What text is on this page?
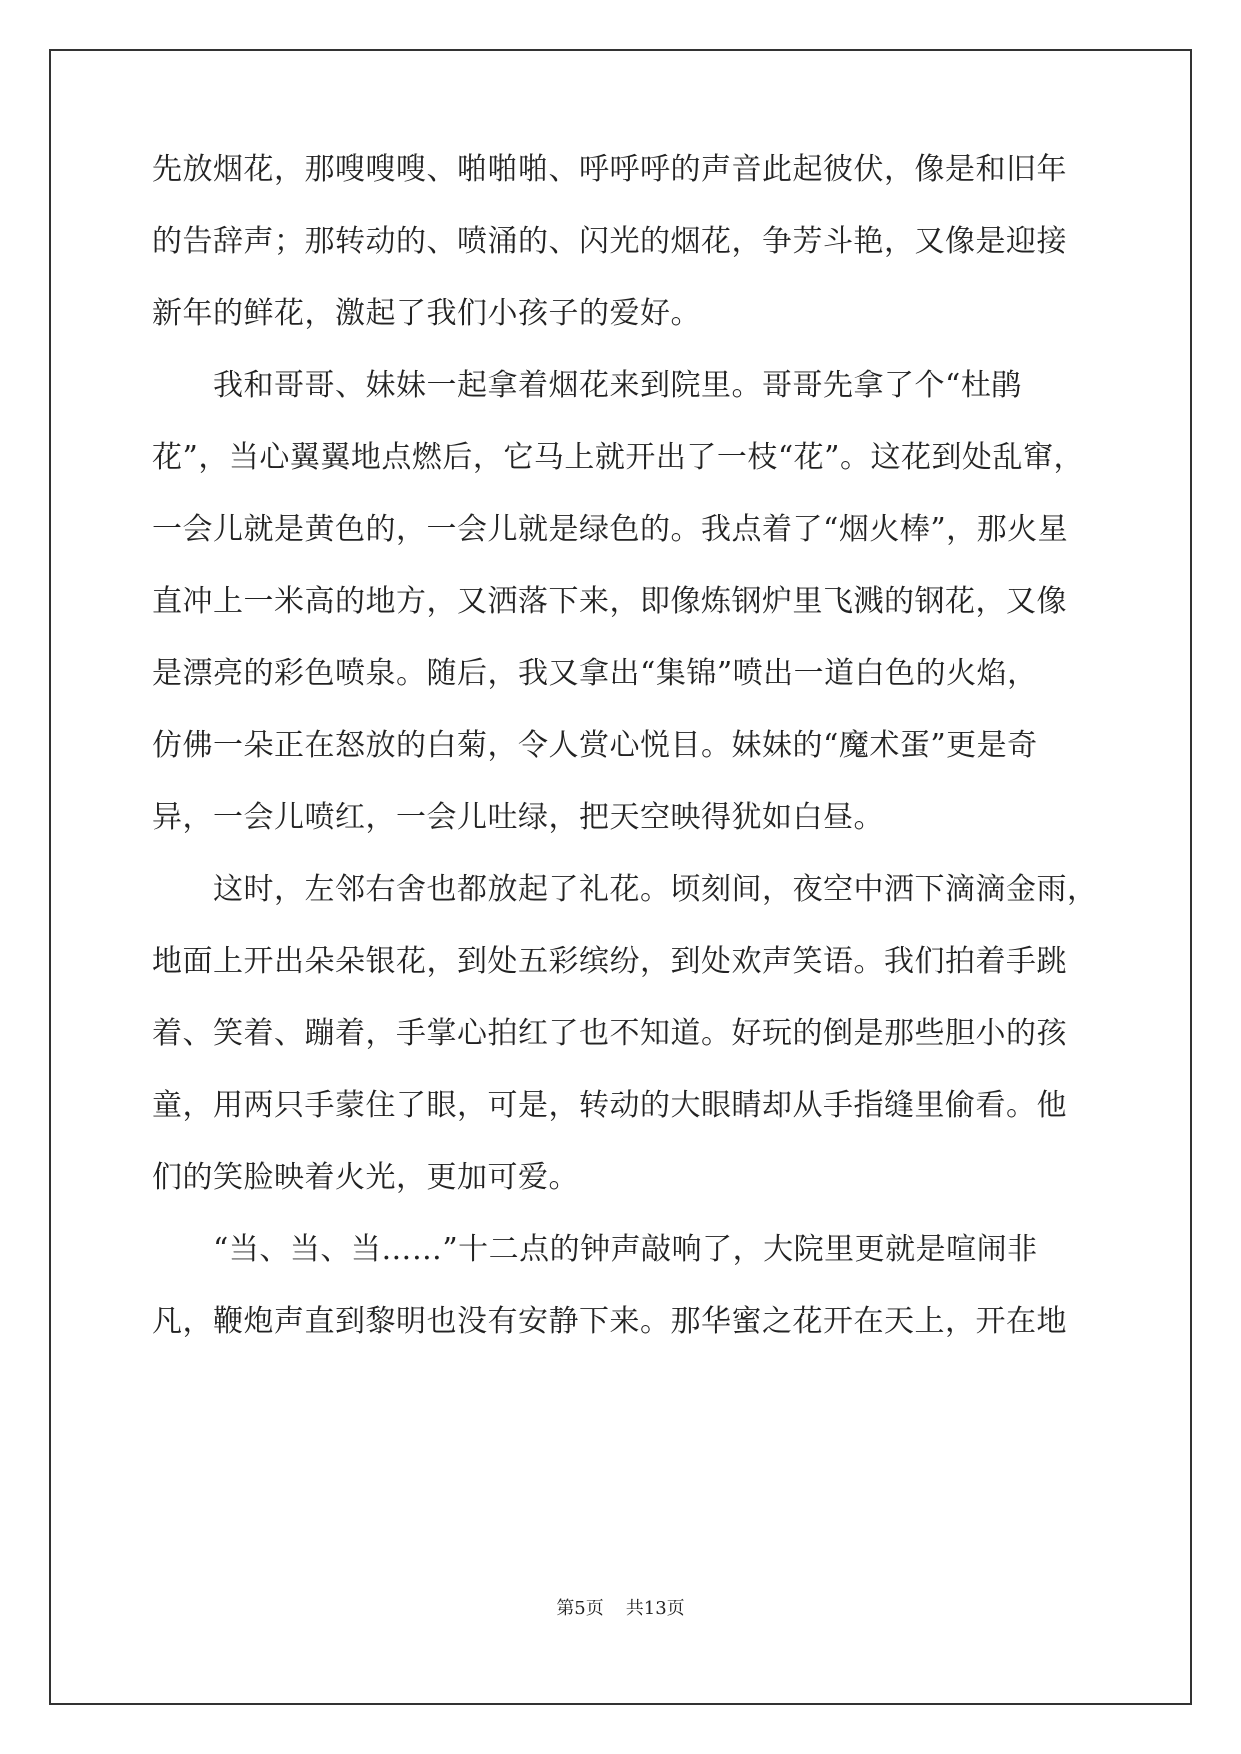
先放烟花，那嗖嗖嗖、啪啪啪、呼呼呼的声音此起彼伏，像是和旧年
的告辞声；那转动的、喷涌的、闪光的烟花，争芳斗艳，又像是迎接
新年的鲜花，激起了我们小孩子的爱好。
　　我和哥哥、妹妹一起拿着烟花来到院里。哥哥先拿了个“杜鹃
花”，当心翼翼地点燃后，它马上就开出了一枝“花”。这花到处乱窜，
一会儿就是黄色的，一会儿就是绿色的。我点着了“烟火棒”，那火星
直冲上一米高的地方，又洒落下来，即像炼钢炉里飞溅的钢花，又像
是漂亮的彩色喷泉。随后，我又拿出“集锦”喷出一道白色的火焰，
仿佛一朵正在怒放的白菊，令人赏心悦目。妹妹的“魔术蛋”更是奇
异，一会儿喷红，一会儿吐绿，把天空映得犹如白昼。
　　这时，左邻右舍也都放起了礼花。顷刻间，夜空中洒下滴滴金雨，
地面上开出朵朵银花，到处五彩缤纷，到处欢声笑语。我们拍着手跳
着、笑着、蹦着，手掌心拍红了也不知道。好玩的倒是那些胆小的孩
童，用两只手蒙住了眼，可是，转动的大眼睛却从手指缝里偷看。他
们的笑脸映着火光，更加可爱。
　　“当、当、当……”十二点的钟声敲响了，大院里更就是喧闹非
凡，鞭炮声直到黎明也没有安静下来。那华蜜之花开在天上，开在地
第5页 共13页
